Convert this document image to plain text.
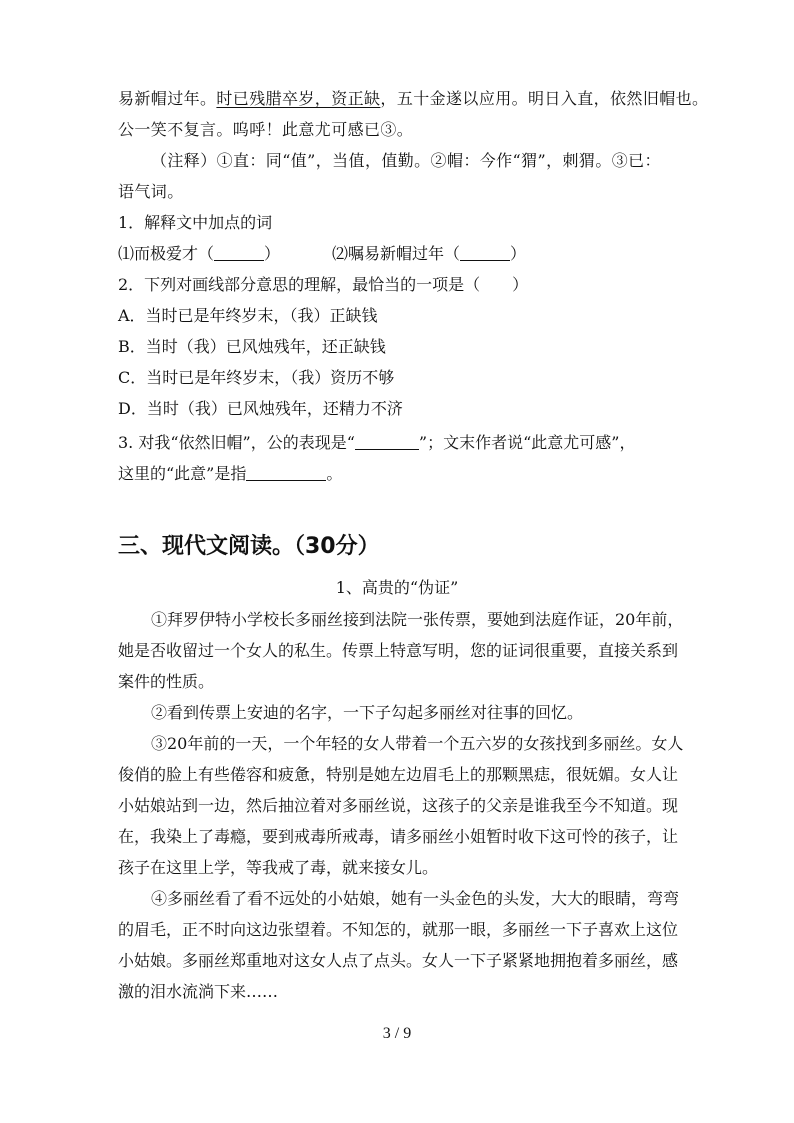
易新帽过年。时已残腊卒岁，资正缺，五十金遂以应用。明日入直，依然旧帽也。
公一笑不复言。呜呼！此意尤可感已③。
（注释）①直：同“值”，当值，值勤。②帽：今作“猬”，刺猬。③已：
语气词。
1．解释文中加点的词
⑴而极爱才（	）	⑵嘱易新帽过年（	）
2．下列对画线部分意思的理解，最恰当的一项是（　　）
A．当时已是年终岁末，（我）正缺钱
B．当时（我）已风烛残年，还正缺钱
C．当时已是年终岁末，（我）资历不够
D．当时（我）已风烛残年，还精力不济
3. 对我“依然旧帽”，公的表现是“	”；文末作者说“此意尤可感”，
这里的“此意”是指	。
三、现代文阅读。（30分）
1、高贵的“伪证”
①拜罗伊特小学校长多丽丝接到法院一张传票，要她到法庭作证，20年前，
她是否收留过一个女人的私生。传票上特意写明，您的证词很重要，直接关系到
案件的性质。
②看到传票上安迪的名字，一下子勾起多丽丝对往事的回忆。
③20年前的一天，一个年轻的女人带着一个五六岁的女孩找到多丽丝。女人
俊俏的脸上有些倦容和疲惫，特别是她左边眉毛上的那颗黑痣，很妩媚。女人让
小姑娘站到一边，然后抽泣着对多丽丝说，这孩子的父亲是谁我至今不知道。现
在，我染上了毒瘾，要到戒毒所戒毒，请多丽丝小姐暂时收下这可怜的孩子，让
孩子在这里上学，等我戒了毒，就来接女儿。
④多丽丝看了看不远处的小姑娘，她有一头金色的头发，大大的眼睛，弯弯
的眉毛，正不时向这边张望着。不知怎的，就那一眼，多丽丝一下子喜欢上这位
小姑娘。多丽丝郑重地对这女人点了点头。女人一下子紧紧地拥抱着多丽丝，感
激的泪水流淌下来……
3 / 9
